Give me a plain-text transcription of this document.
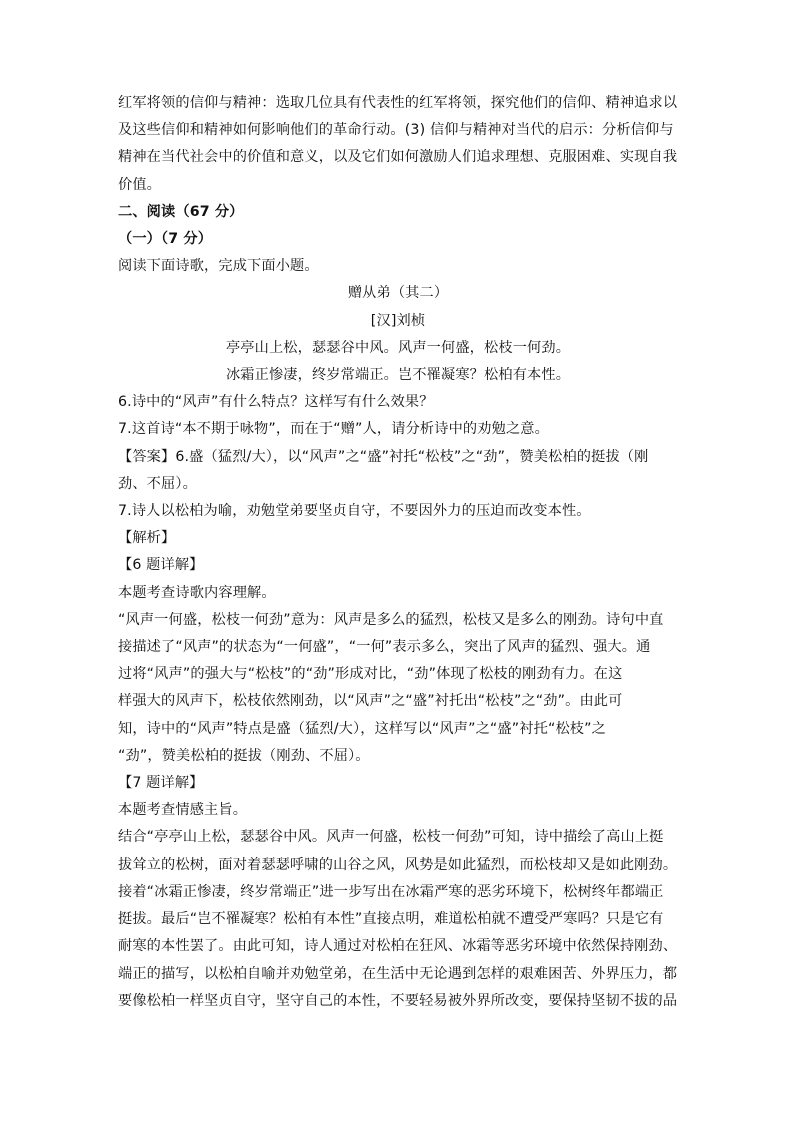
红军将领的信仰与精神：选取几位具有代表性的红军将领，探究他们的信仰、精神追求以

及这些信仰和精神如何影响他们的革命行动。(3) 信仰与精神对当代的启示：分析信仰与

精神在当代社会中的价值和意义，以及它们如何激励人们追求理想、克服困难、实现自我

价值。

二、阅读（67 分）

（一）（7 分）

阅读下面诗歌，完成下面小题。

赠从弟（其二）

[汉]刘桢

亭亭山上松，瑟瑟谷中风。风声一何盛，松枝一何劲。

冰霜正惨凄，终岁常端正。岂不罹凝寒？松柏有本性。

6.诗中的“风声”有什么特点？这样写有什么效果？

7.这首诗“本不期于咏物”，而在于“赠”人，请分析诗中的劝勉之意。

【答案】6.盛（猛烈/大），以“风声”之“盛”衬托“松枝”之“劲”，赞美松柏的挺拔（刚

劲、不屈）。

7.诗人以松柏为喻，劝勉堂弟要坚贞自守，不要因外力的压迫而改变本性。

【解析】

【6 题详解】

本题考查诗歌内容理解。

“风声一何盛，松枝一何劲”意为：风声是多么的猛烈，松枝又是多么的刚劲。诗句中直

接描述了“风声”的状态为“一何盛”，“一何”表示多么，突出了风声的猛烈、强大。通

过将“风声”的强大与“松枝”的“劲”形成对比，“劲”体现了松枝的刚劲有力。在这

样强大的风声下，松枝依然刚劲，以“风声”之“盛”衬托出“松枝”之“劲”。由此可

知，诗中的“风声”特点是盛（猛烈/大），这样写以“风声”之“盛”衬托“松枝”之

“劲”，赞美松柏的挺拔（刚劲、不屈）。

【7 题详解】

本题考查情感主旨。

结合“亭亭山上松，瑟瑟谷中风。风声一何盛，松枝一何劲”可知，诗中描绘了高山上挺

拔耸立的松树，面对着瑟瑟呼啸的山谷之风，风势是如此猛烈，而松枝却又是如此刚劲。

接着“冰霜正惨凄，终岁常端正”进一步写出在冰霜严寒的恶劣环境下，松树终年都端正

挺拔。最后“岂不罹凝寒？松柏有本性”直接点明，难道松柏就不遭受严寒吗？只是它有

耐寒的本性罢了。由此可知，诗人通过对松柏在狂风、冰霜等恶劣环境中依然保持刚劲、

端正的描写，以松柏自喻并劝勉堂弟，在生活中无论遇到怎样的艰难困苦、外界压力，都

要像松柏一样坚贞自守，坚守自己的本性，不要轻易被外界所改变，要保持坚韧不拔的品
